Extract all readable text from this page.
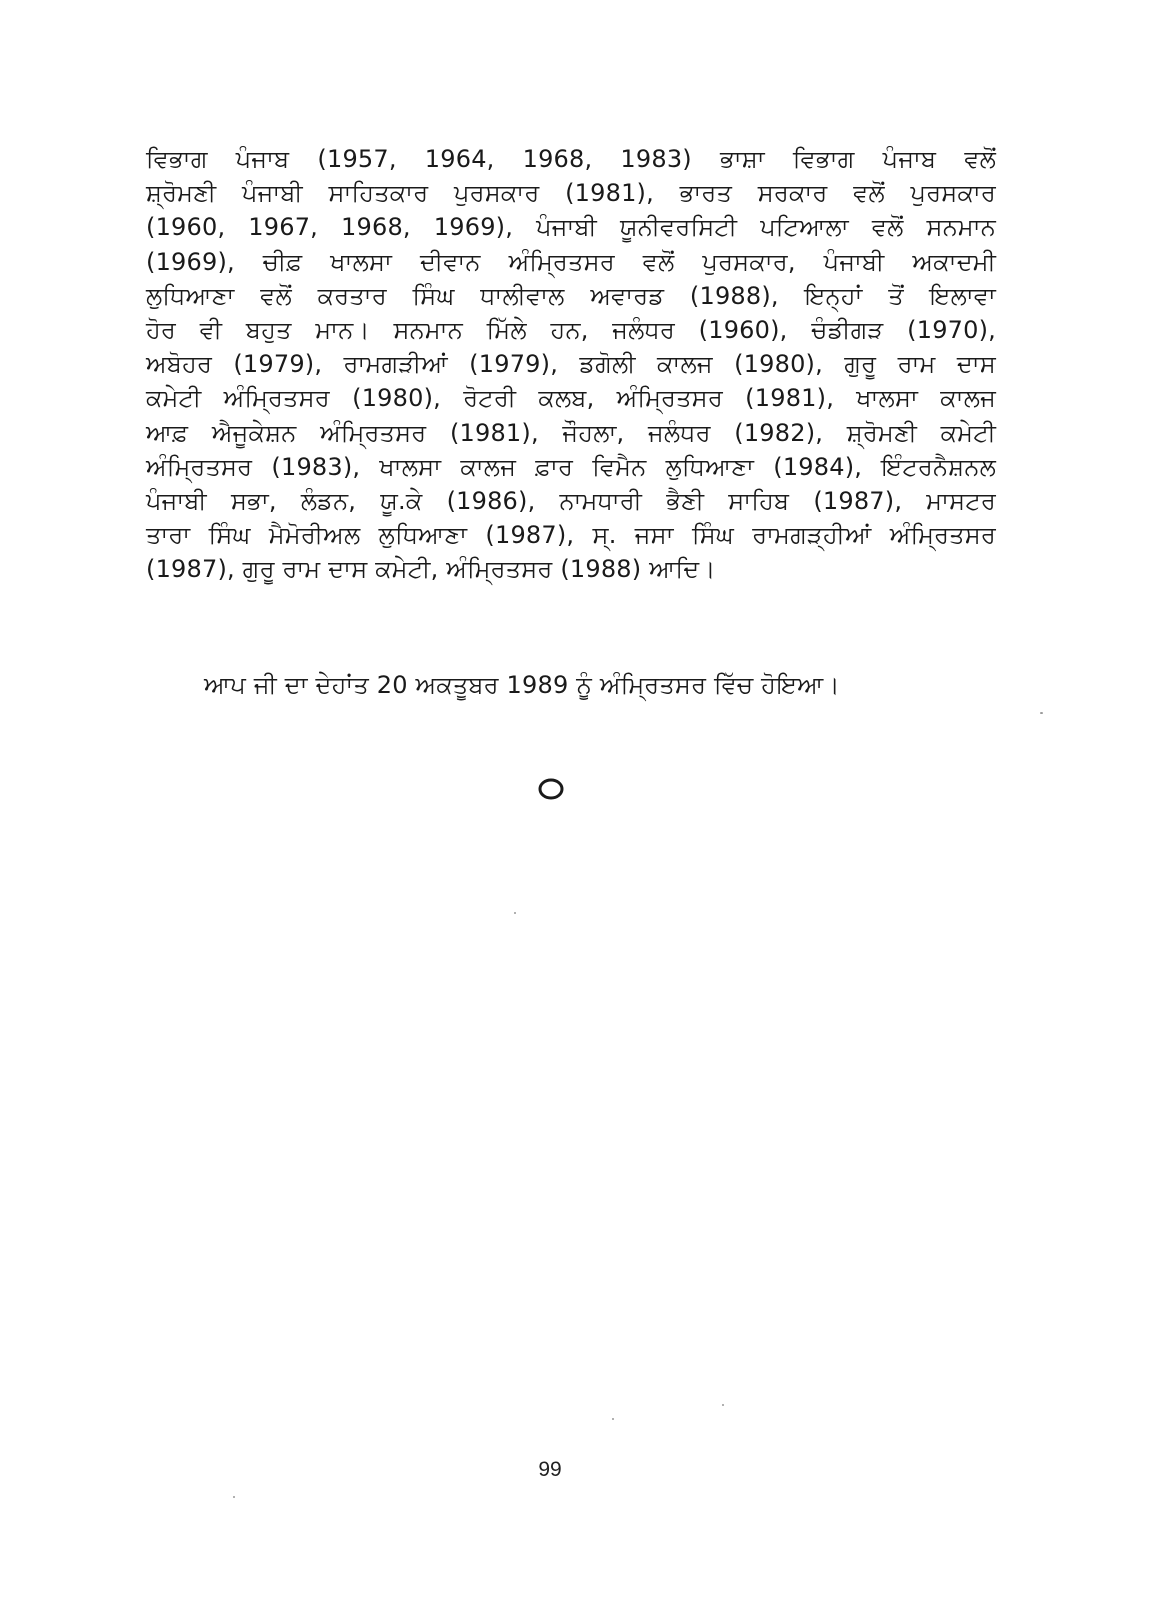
ਵਿਭਾਗ ਪੰਜਾਬ (1957, 1964, 1968, 1983) ਭਾਸ਼ਾ ਵਿਭਾਗ ਪੰਜਾਬ ਵਲੋਂ
ਸ਼੍ਰੋਮਣੀ ਪੰਜਾਬੀ ਸਾਹਿਤਕਾਰ ਪੁਰਸਕਾਰ (1981), ਭਾਰਤ ਸਰਕਾਰ ਵਲੋਂ ਪੁਰਸਕਾਰ
(1960, 1967, 1968, 1969), ਪੰਜਾਬੀ ਯੂਨੀਵਰਸਿਟੀ ਪਟਿਆਲਾ ਵਲੋਂ ਸਨਮਾਨ
(1969), ਚੀਫ਼ ਖਾਲਸਾ ਦੀਵਾਨ ਅੰਮ੍ਰਿਤਸਰ ਵਲੋਂ ਪੁਰਸਕਾਰ, ਪੰਜਾਬੀ ਅਕਾਦਮੀ
ਲੁਧਿਆਣਾ ਵਲੋਂ ਕਰਤਾਰ ਸਿੰਘ ਧਾਲੀਵਾਲ ਅਵਾਰਡ (1988), ਇਨ੍ਹਾਂ ਤੋਂ ਇਲਾਵਾ
ਹੋਰ ਵੀ ਬਹੁਤ ਮਾਨ। ਸਨਮਾਨ ਮਿੱਲੇ ਹਨ, ਜਲੰਧਰ (1960), ਚੰਡੀਗੜ (1970),
ਅਬੋਹਰ (1979), ਰਾਮਗੜੀਆਂ (1979), ਡਗੋਲੀ ਕਾਲਜ (1980), ਗੁਰੂ ਰਾਮ ਦਾਸ
ਕਮੇਟੀ ਅੰਮ੍ਰਿਤਸਰ (1980), ਰੋਟਰੀ ਕਲਬ, ਅੰਮ੍ਰਿਤਸਰ (1981), ਖਾਲਸਾ ਕਾਲਜ
ਆਫ਼ ਐਜੂਕੇਸ਼ਨ ਅੰਮ੍ਰਿਤਸਰ (1981), ਜੌਹਲਾ, ਜਲੰਧਰ (1982), ਸ਼੍ਰੋਮਣੀ ਕਮੇਟੀ
ਅੰਮ੍ਰਿਤਸਰ (1983), ਖਾਲਸਾ ਕਾਲਜ ਫ਼ਾਰ ਵਿਮੈਨ ਲੁਧਿਆਣਾ (1984), ਇੰਟਰਨੈਸ਼ਨਲ
ਪੰਜਾਬੀ ਸਭਾ, ਲੰਡਨ, ਯੂ.ਕੇ (1986), ਨਾਮਧਾਰੀ ਭੈਣੀ ਸਾਹਿਬ (1987), ਮਾਸਟਰ
ਤਾਰਾ ਸਿੰਘ ਮੈਮੋਰੀਅਲ ਲੁਧਿਆਣਾ (1987), ਸ੍. ਜਸਾ ਸਿੰਘ ਰਾਮਗੜ੍ਹੀਆਂ ਅੰਮ੍ਰਿਤਸਰ
(1987), ਗੁਰੂ ਰਾਮ ਦਾਸ ਕਮੇਟੀ, ਅੰਮ੍ਰਿਤਸਰ (1988) ਆਦਿ।
ਆਪ ਜੀ ਦਾ ਦੇਹਾਂਤ 20 ਅਕਤੂਬਰ 1989 ਨੂੰ ਅੰਮ੍ਰਿਤਸਰ ਵਿੱਚ ਹੋਇਆ।
99
